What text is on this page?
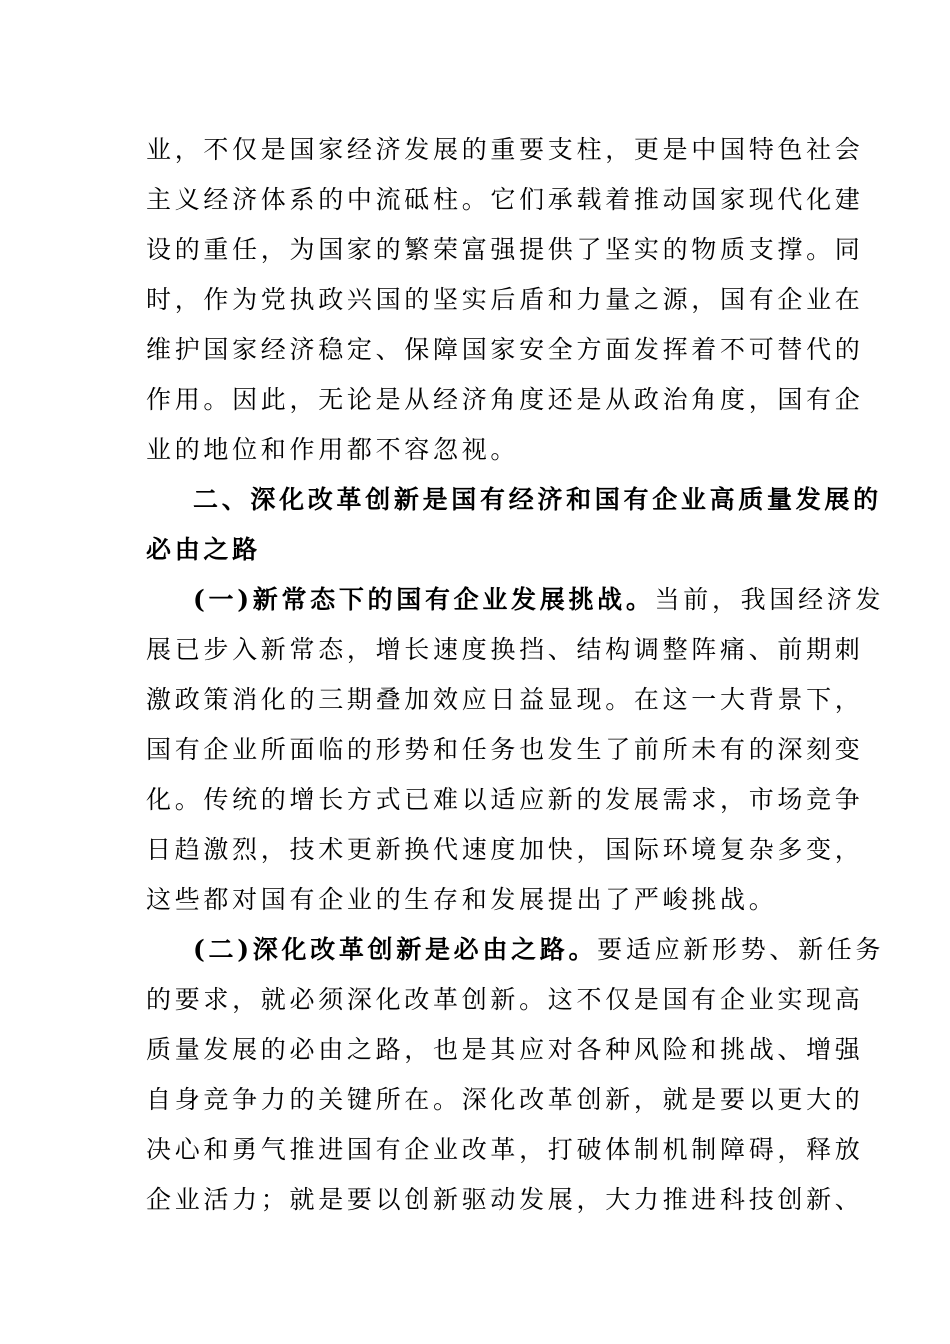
业，不仅是国家经济发展的重要支柱，更是中国特色社会
主义经济体系的中流砥柱。它们承载着推动国家现代化建
设的重任，为国家的繁荣富强提供了坚实的物质支撑。同
时，作为党执政兴国的坚实后盾和力量之源，国有企业在
维护国家经济稳定、保障国家安全方面发挥着不可替代的
作用。因此，无论是从经济角度还是从政治角度，国有企
业的地位和作用都不容忽视。
二、深化改革创新是国有经济和国有企业高质量发展的
必由之路
(一)新常态下的国有企业发展挑战。当前，我国经济发
展已步入新常态，增长速度换挡、结构调整阵痛、前期刺
激政策消化的三期叠加效应日益显现。在这一大背景下，
国有企业所面临的形势和任务也发生了前所未有的深刻变
化。传统的增长方式已难以适应新的发展需求，市场竞争
日趋激烈，技术更新换代速度加快，国际环境复杂多变，
这些都对国有企业的生存和发展提出了严峻挑战。
(二)深化改革创新是必由之路。要适应新形势、新任务
的要求，就必须深化改革创新。这不仅是国有企业实现高
质量发展的必由之路，也是其应对各种风险和挑战、增强
自身竞争力的关键所在。深化改革创新，就是要以更大的
决心和勇气推进国有企业改革，打破体制机制障碍，释放
企业活力；就是要以创新驱动发展，大力推进科技创新、
